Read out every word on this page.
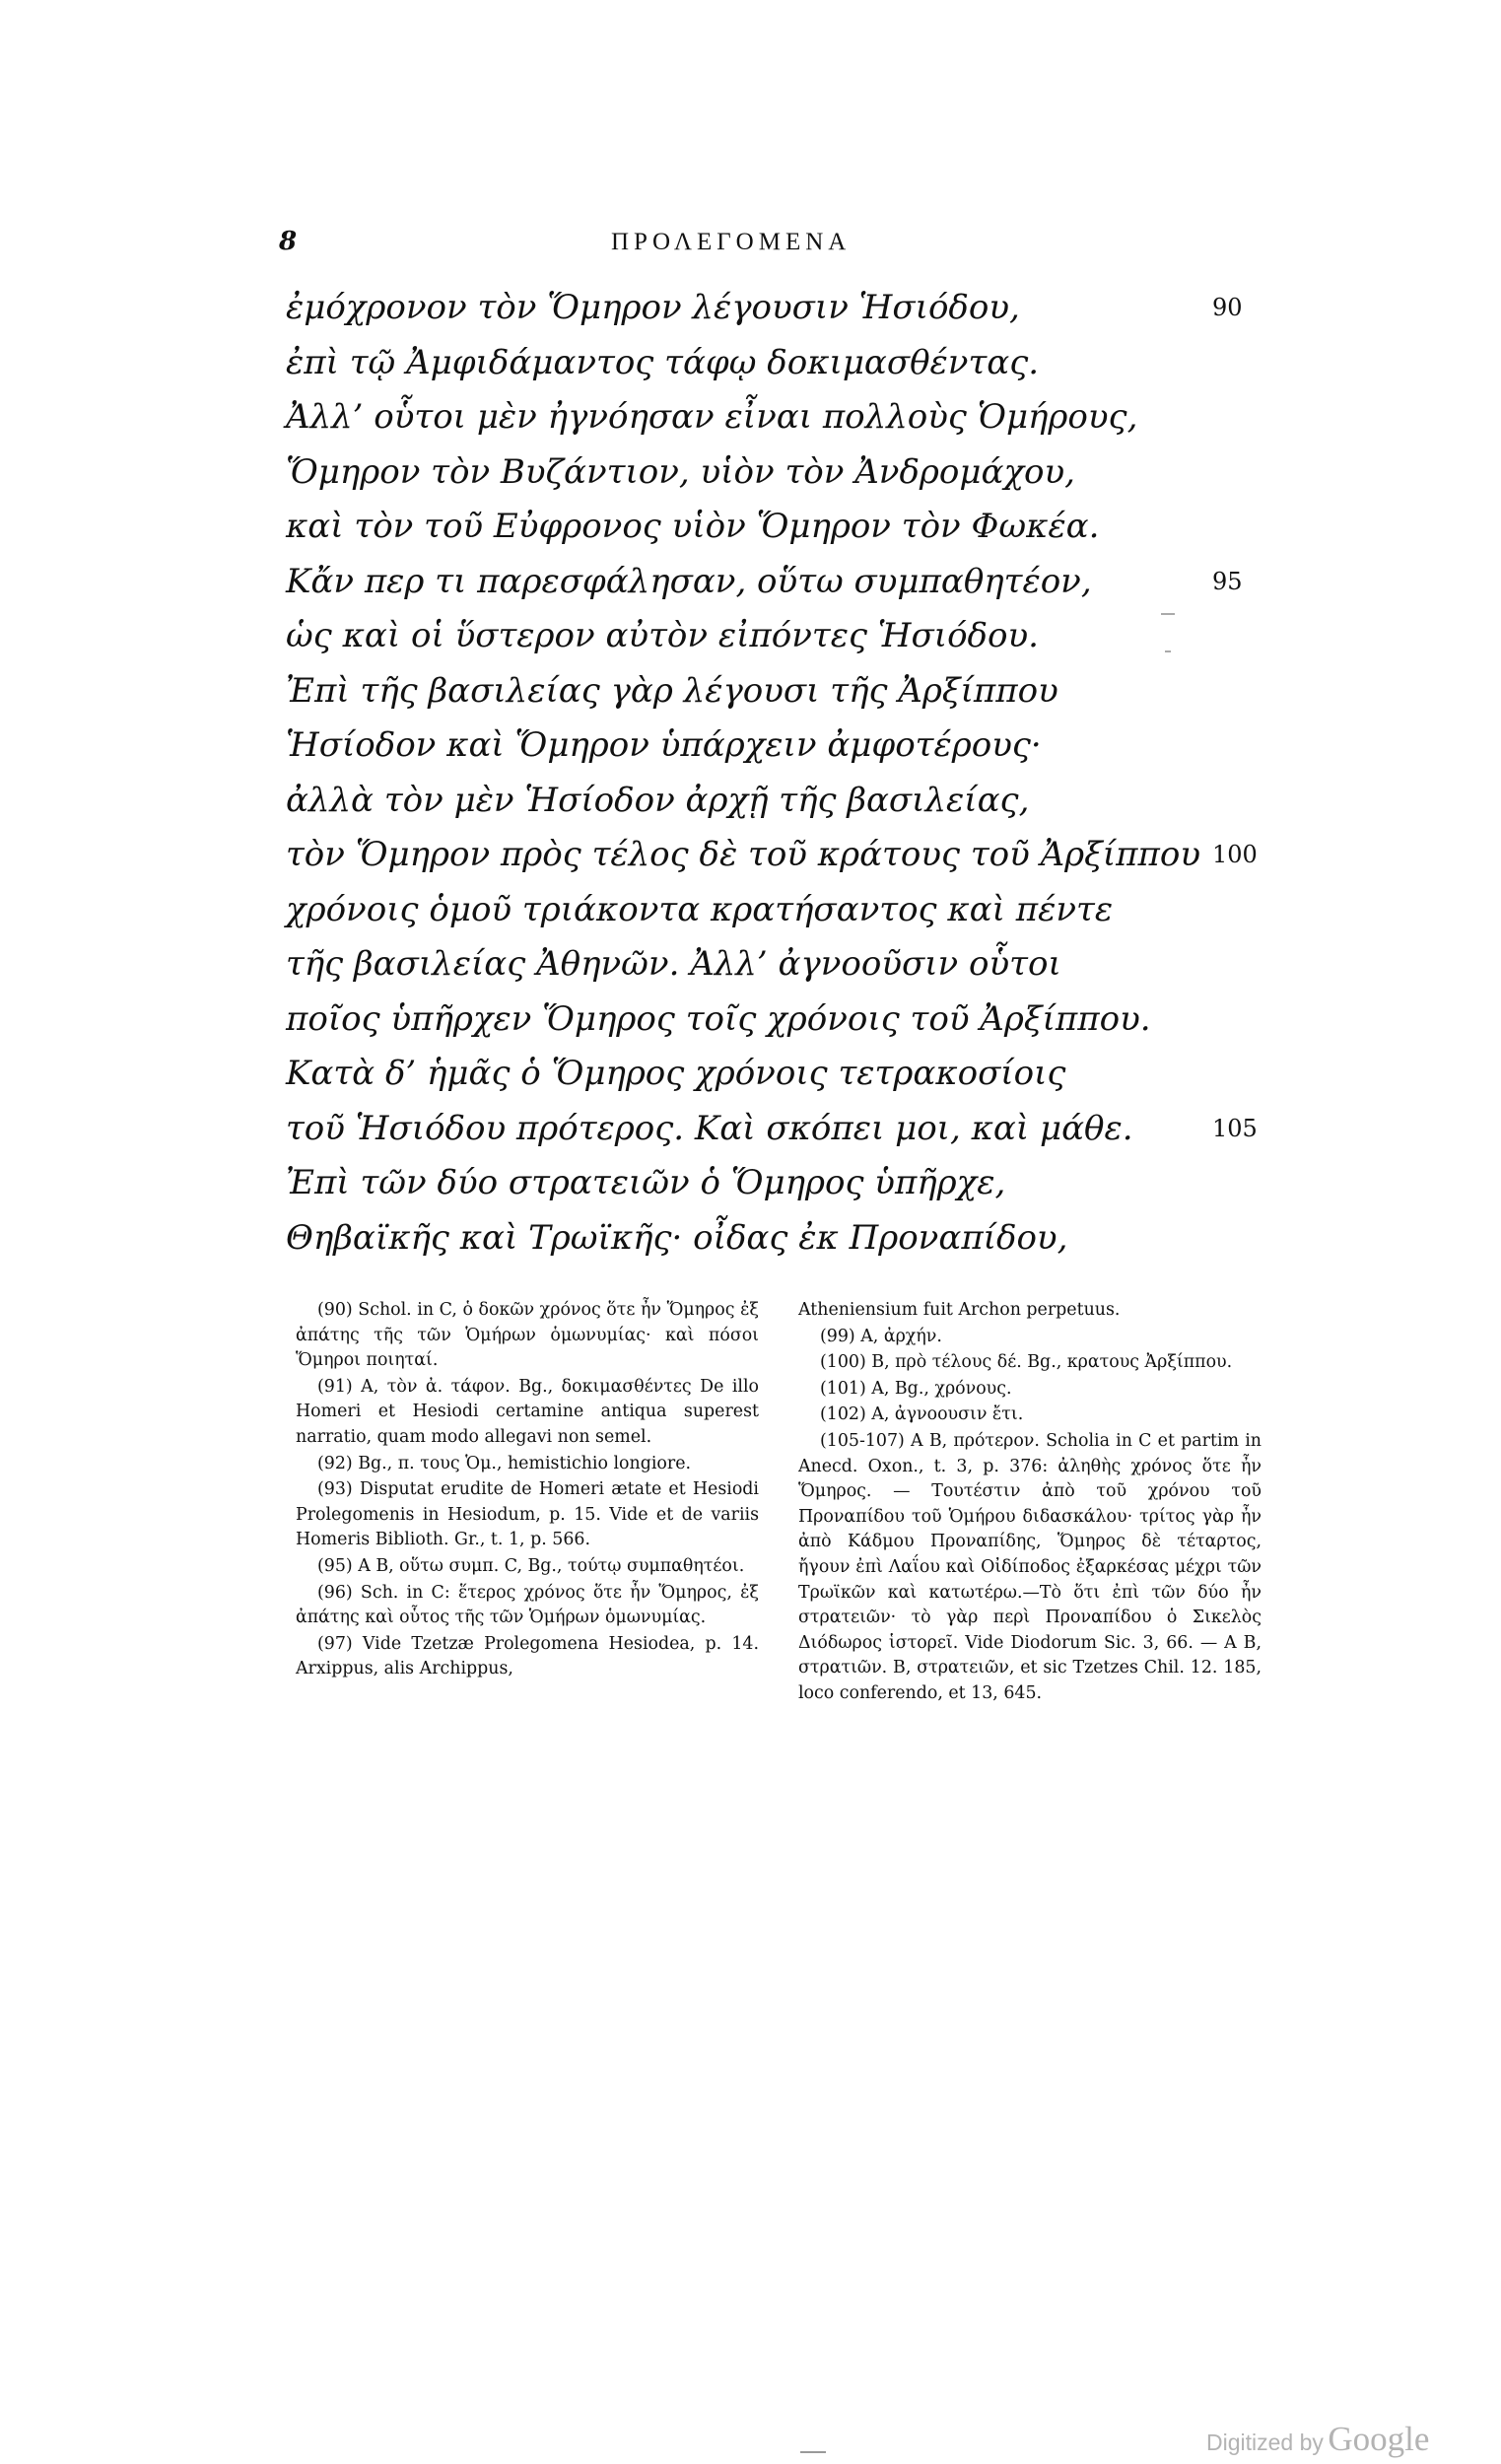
8	ΠΡΟΛΕΓΟΜΕΝΑ
ἐμόχρονον τὸν Ὅμηρον λέγουσιν Ἡσιόδου,	90
ἐπὶ τῷ Ἀμφιδάμαντος τάφῳ δοκιμασθέντας.
Ἀλλ’ οὗτοι μὲν ἠγνόησαν εἶναι πολλοὺς Ὁμήρους,
Ὅμηρον τὸν Βυζάντιον, υἱὸν τὸν Ἀνδρομάχου,
καὶ τὸν τοῦ Εὐφρονος υἱὸν Ὅμηρον τὸν Φωκέα.
Κἄν περ τι παρεσφάλησαν, οὕτω συμπαθητέον,	95
ὡς καὶ οἱ ὕστερον αὐτὸν εἰπόντες Ἡσιόδου.
Ἐπὶ τῆς βασιλείας γὰρ λέγουσι τῆς Ἀρξίππου
Ἡσίοδον καὶ Ὅμηρον ὑπάρχειν ἀμφοτέρους·
ἀλλὰ τὸν μὲν Ἡσίοδον ἀρχῇ τῆς βασιλείας,
τὸν Ὅμηρον πρὸς τέλος δὲ τοῦ κράτους τοῦ Ἀρξίππου 100
χρόνοις ὁμοῦ τριάκοντα κρατήσαντος καὶ πέντε
τῆς βασιλείας Ἀθηνῶν. Ἀλλ’ ἀγνοοῦσιν οὗτοι
ποῖος ὑπῆρχεν Ὅμηρος τοῖς χρόνοις τοῦ Ἀρξίππου.
Κατὰ δ’ ἡμᾶς ὁ Ὅμηρος χρόνοις τετρακοσίοις
τοῦ Ἡσιόδου πρότερος. Καὶ σκόπει μοι, καὶ μάθε.	105
Ἐπὶ τῶν δύο στρατειῶν ὁ Ὅμηρος ὑπῆρχε,
Θηβαϊκῆς καὶ Τρωϊκῆς· οἶδας ἐκ Προναπίδου,

(90) Schol. in C, ὁ δοκῶν χρόνος ὅτε ἦν Ὅμηρος ἐξ ἀπάτης τῆς τῶν Ὁμήρων ὁμωνυμίας· καὶ πόσοι Ὅμηροι ποιηταί.

(91) A, τὸν ἀ. τάφον. Bg., δοκιμασθέντες De illo Homeri et Hesiodi certamine antiqua superest narratio, quam modo allegavi non semel.

(92) Bg., π. τους Ὁμ., hemistichio longiore.

(93) Disputat erudite de Homeri ætate et Hesiodi Prolegomenis in Hesiodum, p. 15. Vide et de variis Homeris Biblioth. Gr., t. 1, p. 566.

(95) A B, οὕτω συμπ. C, Bg., τούτῳ συμπαθητέοι.

(96) Sch. in C: ἕτερος χρόνος ὅτε ἦν Ὅμηρος, ἐξ ἀπάτης καὶ οὗτος τῆς τῶν Ὁμήρων ὁμωνυμίας.

(97) Vide Tzetzæ Prolegomena Hesiodea, p. 14. Arxippus, alis Archippus,

Atheniensium fuit Archon perpetuus.

(99) A, ἀρχήν.

(100) B, πρὸ τέλους δέ. Bg., κρατους Ἀρξίππου.

(101) A, Bg., χρόνους.

(102) A, ἀγνοουσιν ἔτι.

(105-107) A B, πρότερον. Scholia in C et partim in Anecd. Oxon., t. 3, p. 376: ἀληθὴς χρόνος ὅτε ἦν Ὅμηρος. — Τουτέστιν ἀπὸ τοῦ χρόνου τοῦ Προναπίδου τοῦ Ὁμήρου διδασκάλου· τρίτος γὰρ ἦν ἀπὸ Κάδμου Προναπίδης, Ὅμηρος δὲ τέταρτος, ἤγουν ἐπὶ Λαΐου καὶ Οἰδίποδος ἐξαρκέσας μέχρι τῶν Τρωϊκῶν καὶ κατωτέρω.—Τὸ ὅτι ἐπὶ τῶν δύο ἦν στρατειῶν· τὸ γὰρ περὶ Προναπίδου ὁ Σικελὸς Διόδωρος ἱστορεῖ. Vide Diodorum Sic. 3, 66. — A B, στρατιῶν. B, στρατειῶν, et sic Tzetzes Chil. 12. 185, loco conferendo, et 13, 645.

Digitized by Google
